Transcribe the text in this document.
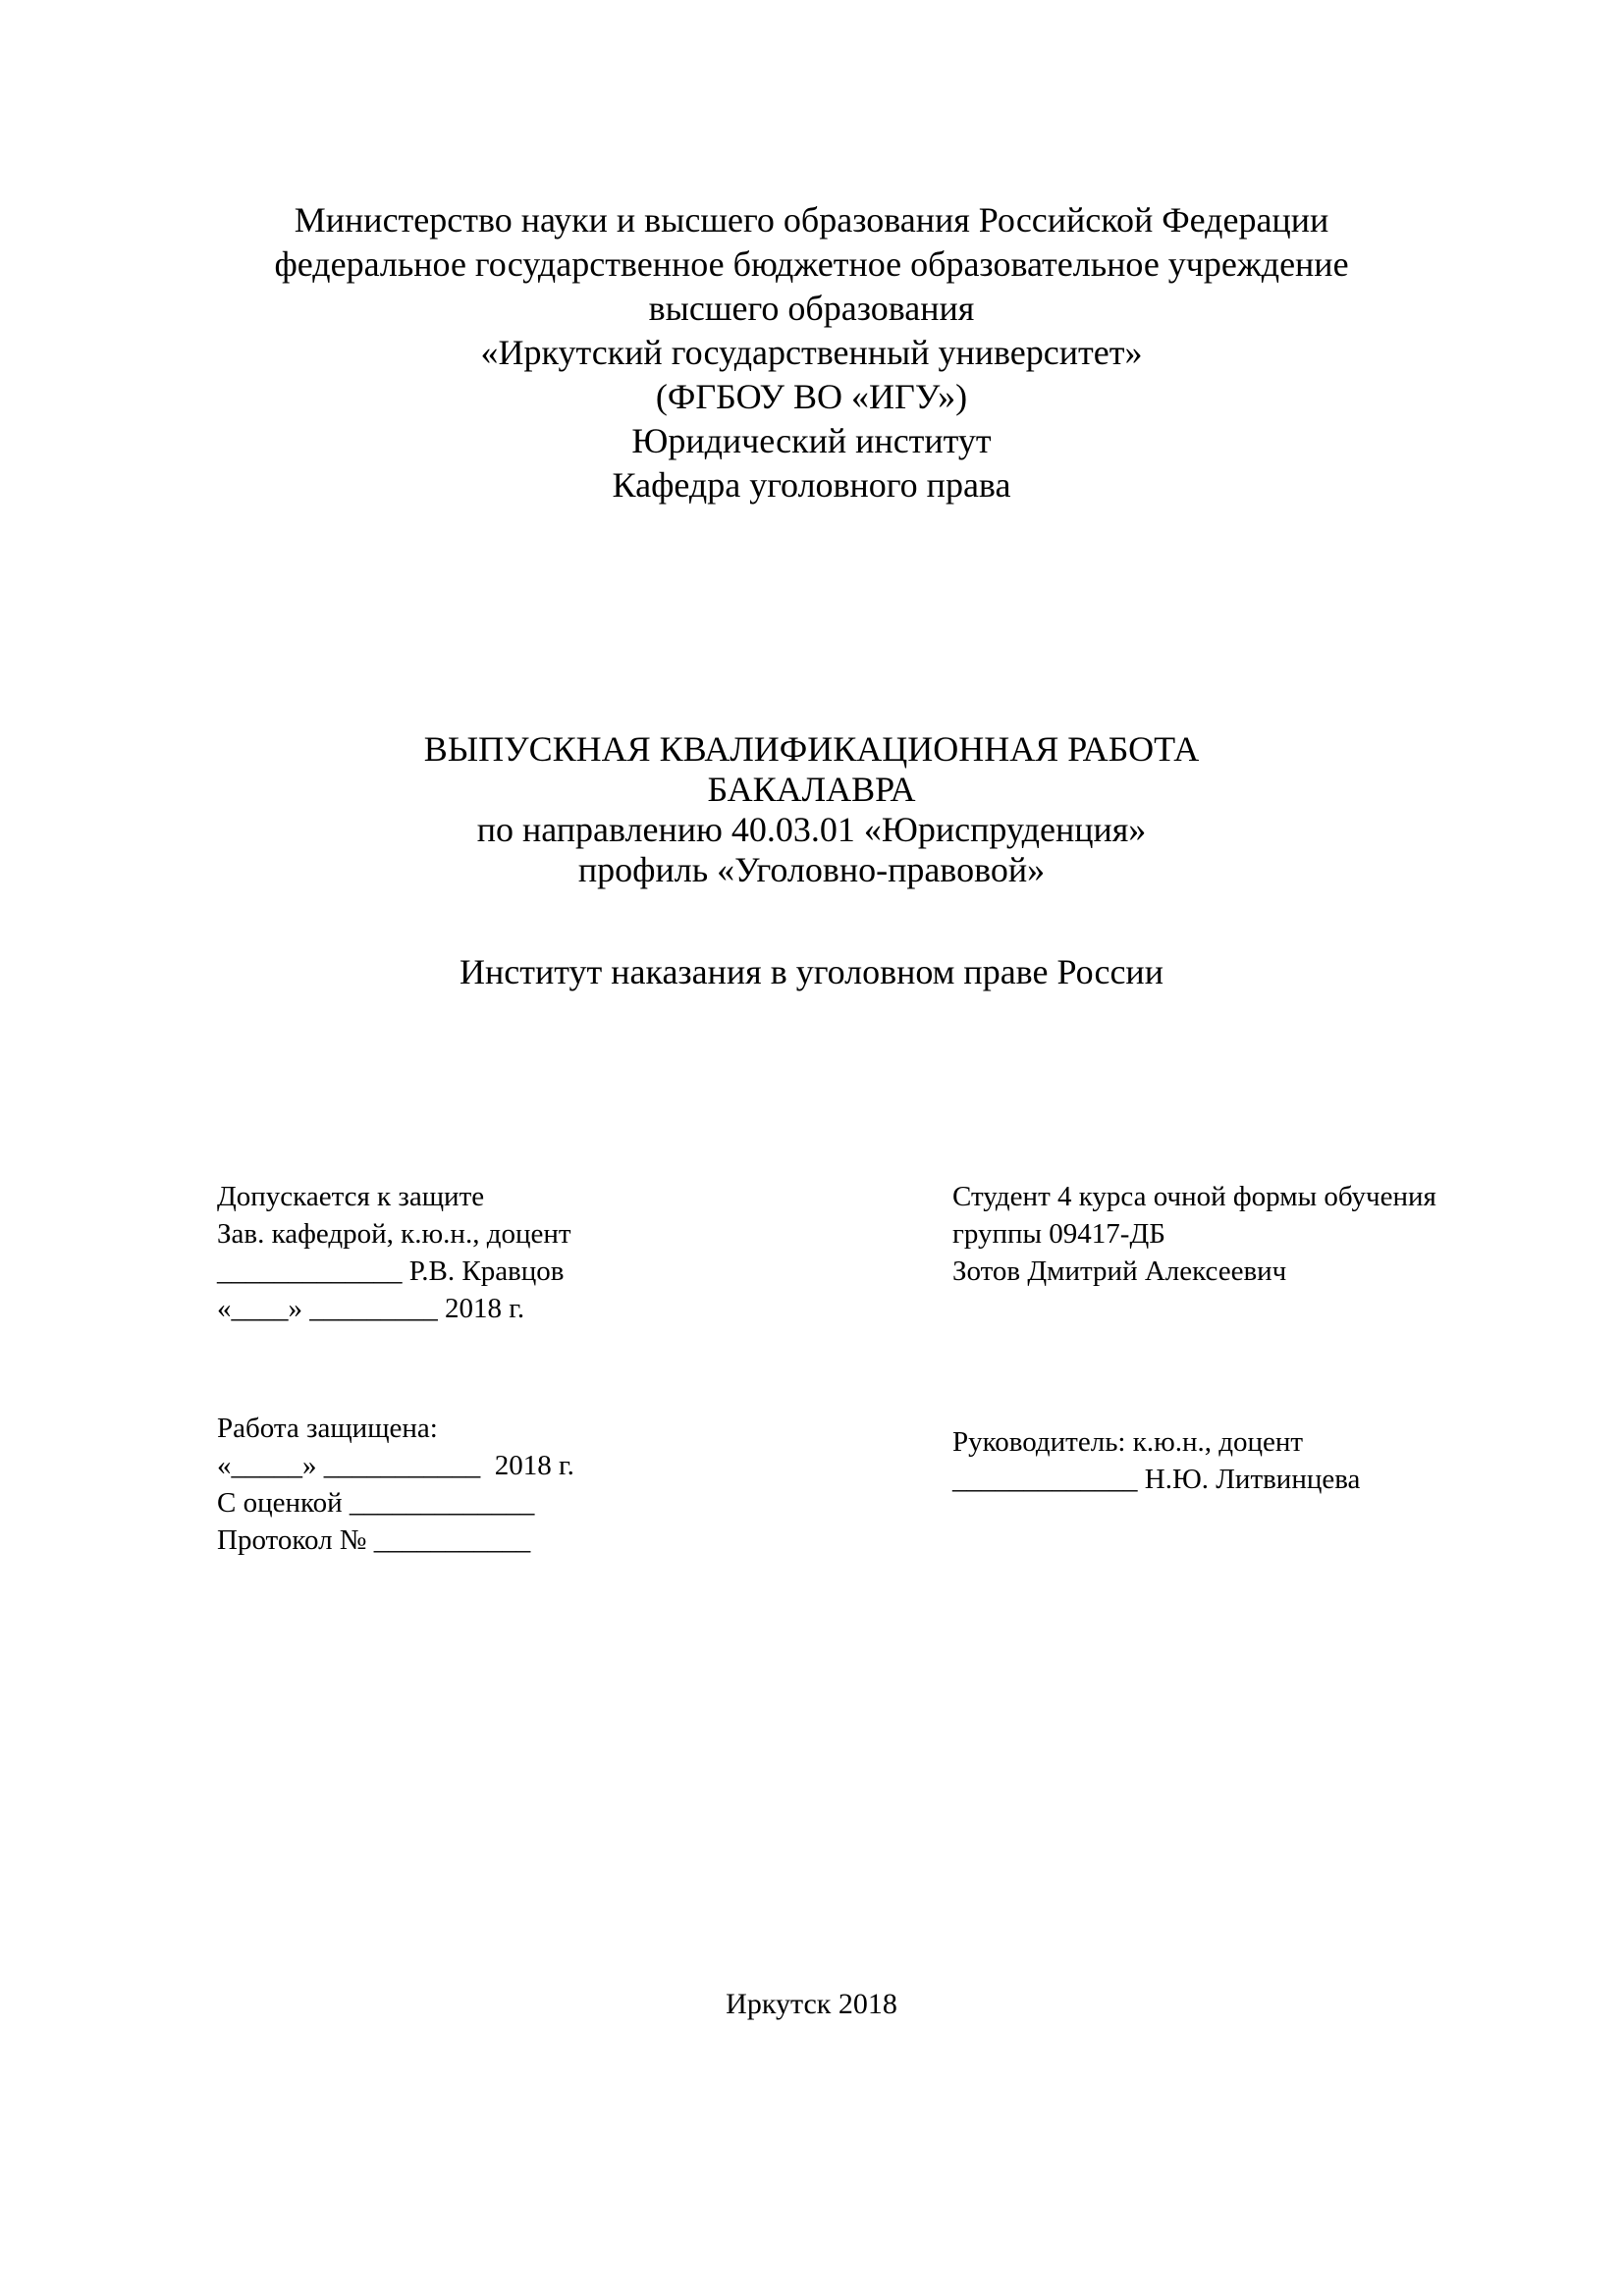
Министерство науки и высшего образования Российской Федерации
федеральное государственное бюджетное образовательное учреждение
высшего образования
«Иркутский государственный университет»
(ФГБОУ ВО «ИГУ»)
Юридический институт
Кафедра уголовного права
ВЫПУСКНАЯ КВАЛИФИКАЦИОННАЯ РАБОТА
БАКАЛАВРА
по направлению 40.03.01 «Юриспруденция»
профиль «Уголовно-правовой»
Институт наказания в уголовном праве России
Допускается к защите
Зав. кафедрой, к.ю.н., доцент
_____________ Р.В. Кравцов
«____» _________ 2018 г.
Студент 4 курса очной формы обучения
группы 09417-ДБ
Зотов Дмитрий Алексеевич
Работа защищена:
«_____» ___________  2018 г.
С оценкой _____________
Протокол № ___________
Руководитель: к.ю.н., доцент
_____________ Н.Ю. Литвинцева
Иркутск 2018
